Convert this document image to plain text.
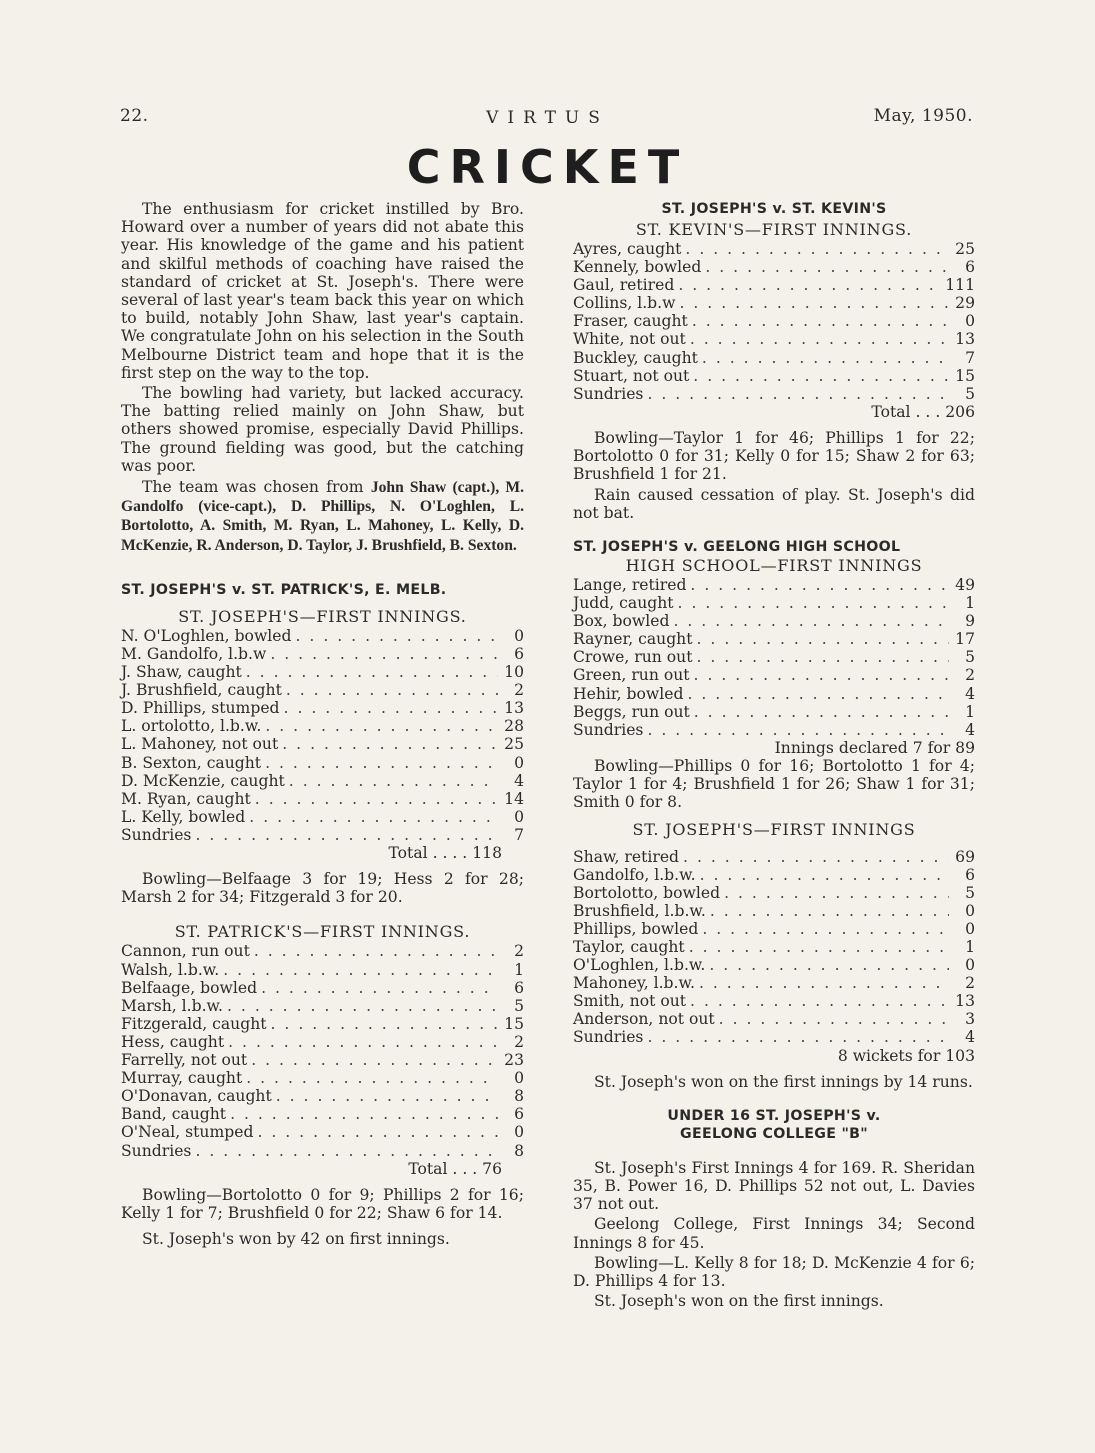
22.	VIRTUS	May, 1950.
CRICKET

The enthusiasm for cricket instilled by Bro. Howard over a number of years did not abate this year. His knowledge of the game and his patient and skilful methods of coaching have raised the standard of cricket at St. Joseph's. There were several of last year's team back this year on which to build, notably John Shaw, last year's captain. We congratulate John on his selection in the South Melbourne District team and hope that it is the first step on the way to the top.

The bowling had variety, but lacked accuracy. The batting relied mainly on John Shaw, but others showed promise, especially David Phillips. The ground fielding was good, but the catching was poor.

The team was chosen from John Shaw (capt.), M. Gandolfo (vice-capt.), D. Phillips, N. O'Loghlen, L. Bortolotto, A. Smith, M. Ryan, L. Mahoney, L. Kelly, D. McKenzie, R. Anderson, D. Taylor, J. Brushfield, B. Sexton.

ST. JOSEPH'S v. ST. PATRICK'S, E. MELB.
ST. JOSEPH'S—FIRST INNINGS.
N. O'Loghlen, bowled . . .	0
M. Gandolfo, l.b.w . . .	6
J. Shaw, caught . . .	10
J. Brushfield, caught . . .	2
D. Phillips, stumped . . .	13
L. ortolotto, l.b.w. . . .	28
L. Mahoney, not out . . .	25
B. Sexton, caught . . .	0
D. McKenzie, caught . . .	4
M. Ryan, caught . . .	14
L. Kelly, bowled . . .	0
Sundries . . .	7
Total . . . . 118

Bowling—Belfaage 3 for 19; Hess 2 for 28; Marsh 2 for 34; Fitzgerald 3 for 20.

ST. PATRICK'S—FIRST INNINGS.
Cannon, run out . . .	2
Walsh, l.b.w. . . .	1
Belfaage, bowled . . .	6
Marsh, l.b.w. . . .	5
Fitzgerald, caught . . .	15
Hess, caught . . .	2
Farrelly, not out . . .	23
Murray, caught . . .	0
O'Donavan, caught . . .	8
Band, caught . . .	6
O'Neal, stumped . . .	0
Sundries . . .	8
Total . . . 76

Bowling—Bortolotto 0 for 9; Phillips 2 for 16; Kelly 1 for 7; Brushfield 0 for 22; Shaw 6 for 14.

St. Joseph's won by 42 on first innings.

ST. JOSEPH'S v. ST. KEVIN'S
ST. KEVIN'S—FIRST INNINGS.
Ayres, caught . . .	25
Kennely, bowled . . .	6
Gaul, retired . . .	111
Collins, l.b.w . . .	29
Fraser, caught . . .	0
White, not out . . .	13
Buckley, caught . . .	7
Stuart, not out . . .	15
Sundries . . .	5
Total . . . 206

Bowling—Taylor 1 for 46; Phillips 1 for 22; Bortolotto 0 for 31; Kelly 0 for 15; Shaw 2 for 63; Brushfield 1 for 21.

Rain caused cessation of play. St. Joseph's did not bat.

ST. JOSEPH'S v. GEELONG HIGH SCHOOL
HIGH SCHOOL—FIRST INNINGS
Lange, retired . . .	49
Judd, caught . . .	1
Box, bowled . . .	9
Rayner, caught . . .	17
Crowe, run out . . .	5
Green, run out . . .	2
Hehir, bowled . . .	4
Beggs, run out . . .	1
Sundries . . .	4
Innings declared 7 for 89

Bowling—Phillips 0 for 16; Bortolotto 1 for 4; Taylor 1 for 4; Brushfield 1 for 26; Shaw 1 for 31; Smith 0 for 8.

ST. JOSEPH'S—FIRST INNINGS
Shaw, retired . . .	69
Gandolfo, l.b.w. . . .	6
Bortolotto, bowled . . .	5
Brushfield, l.b.w. . . .	0
Phillips, bowled . . .	0
Taylor, caught . . .	1
O'Loghlen, l.b.w. . . .	0
Mahoney, l.b.w. . . .	2
Smith, not out . . .	13
Anderson, not out . . .	3
Sundries . . .	4
8 wickets for 103

St. Joseph's won on the first innings by 14 runs.

UNDER 16 ST. JOSEPH'S v.
GEELONG COLLEGE "B"

St. Joseph's First Innings 4 for 169. R. Sheridan 35, B. Power 16, D. Phillips 52 not out, L. Davies 37 not out.

Geelong College, First Innings 34; Second Innings 8 for 45.

Bowling—L. Kelly 8 for 18; D. McKenzie 4 for 6; D. Phillips 4 for 13.

St. Joseph's won on the first innings.
